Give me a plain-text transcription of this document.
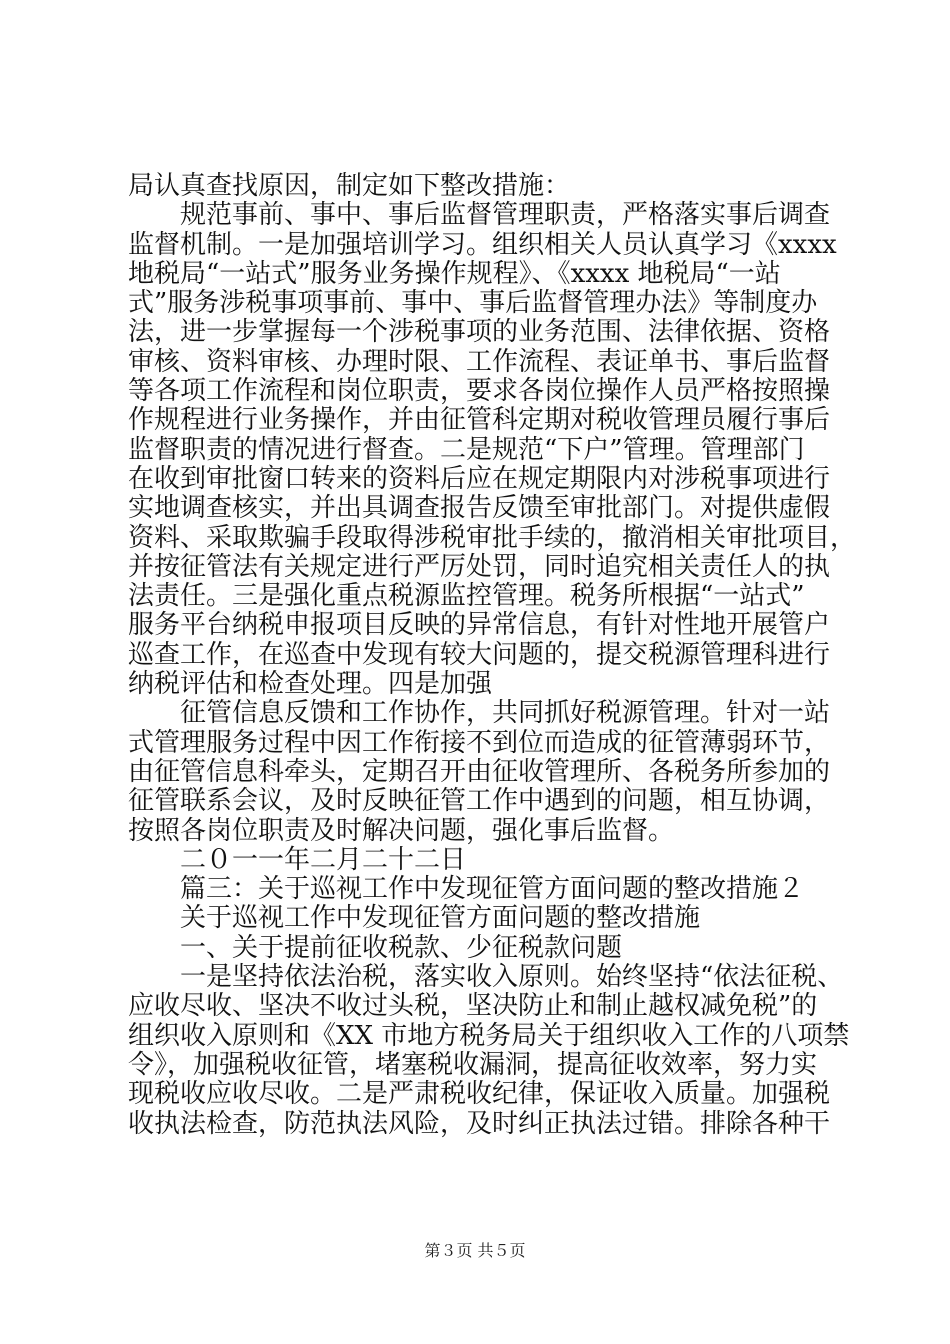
局认真查找原因，制定如下整改措施：
规范事前、事中、事后监督管理职责，严格落实事后调查
监督机制。一是加强培训学习。组织相关人员认真学习《xxxx
地税局“一站式”服务业务操作规程》、《xxxx 地税局“一站
式”服务涉税事项事前、事中、事后监督管理办法》等制度办
法，进一步掌握每一个涉税事项的业务范围、法律依据、资格
审核、资料审核、办理时限、工作流程、表证单书、事后监督
等各项工作流程和岗位职责，要求各岗位操作人员严格按照操
作规程进行业务操作，并由征管科定期对税收管理员履行事后
监督职责的情况进行督查。二是规范“下户”管理。管理部门
在收到审批窗口转来的资料后应在规定期限内对涉税事项进行
实地调查核实，并出具调查报告反馈至审批部门。对提供虚假
资料、采取欺骗手段取得涉税审批手续的，撤消相关审批项目，
并按征管法有关规定进行严厉处罚，同时追究相关责任人的执
法责任。三是强化重点税源监控管理。税务所根据“一站式”
服务平台纳税申报项目反映的异常信息，有针对性地开展管户
巡查工作，在巡查中发现有较大问题的，提交税源管理科进行
纳税评估和检查处理。四是加强
征管信息反馈和工作协作，共同抓好税源管理。针对一站
式管理服务过程中因工作衔接不到位而造成的征管薄弱环节，
由征管信息科牵头，定期召开由征收管理所、各税务所参加的
征管联系会议，及时反映征管工作中遇到的问题，相互协调，
按照各岗位职责及时解决问题，强化事后监督。
二０一一年二月二十二日
篇三：关于巡视工作中发现征管方面问题的整改措施２
关于巡视工作中发现征管方面问题的整改措施
一、关于提前征收税款、少征税款问题
一是坚持依法治税，落实收入原则。始终坚持“依法征税、
应收尽收、坚决不收过头税，坚决防止和制止越权减免税”的
组织收入原则和《XX 市地方税务局关于组织收入工作的八项禁
令》，加强税收征管，堵塞税收漏洞，提高征收效率，努力实
现税收应收尽收。二是严肃税收纪律，保证收入质量。加强税
收执法检查，防范执法风险，及时纠正执法过错。排除各种干
第３页 共５页
